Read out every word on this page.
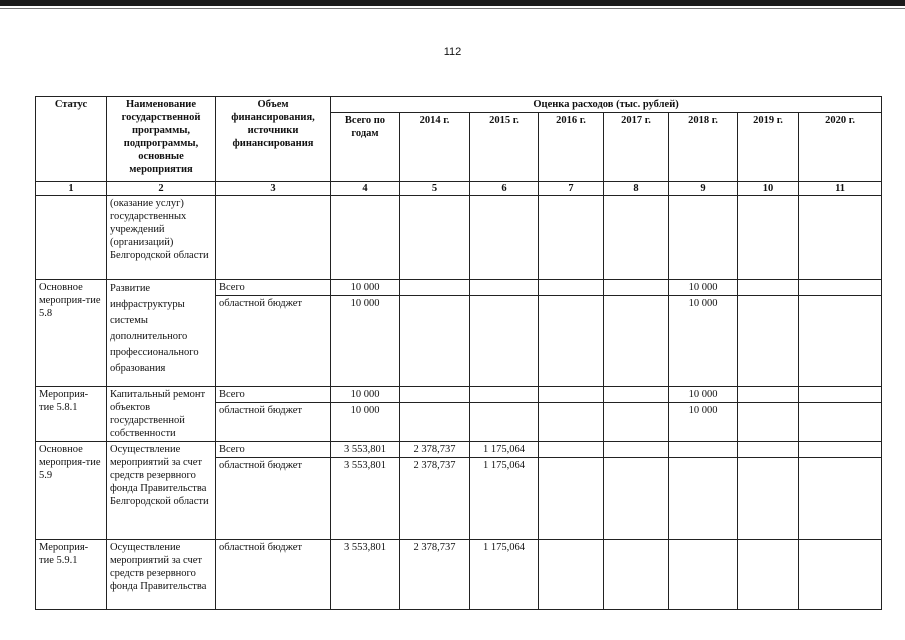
112
Статус	Наименование государственной программы, подпрограммы, основные мероприятия	Объем финансирования, источники финансирования	Оценка расходов (тыс. рублей)							
			Всего по годам	2014 г.	2015 г.	2016 г.	2017 г.	2018 г.	2019 г.	2020 г.
1	2	3	4	5	6	7	8	9	10	11
	(оказание услуг) государственных учреждений (организаций) Белгородской области									
Основное мероприя-тие 5.8	Развитие инфраструктуры системы дополнительного профессионального образования	Всего	10 000					10 000		
		областной бюджет	10 000					10 000		
Мероприя-тие 5.8.1	Капитальный ремонт объектов государственной собственности	Всего	10 000					10 000		
		областной бюджет	10 000					10 000		
Основное мероприя-тие 5.9	Осуществление мероприятий за счет средств резервного фонда Правительства Белгородской области	Всего	3 553,801	2 378,737	1 175,064					
		областной бюджет	3 553,801	2 378,737	1 175,064					
Мероприя-тие 5.9.1	Осуществление мероприятий за счет средств резервного фонда Правительства	областной бюджет	3 553,801	2 378,737	1 175,064					
